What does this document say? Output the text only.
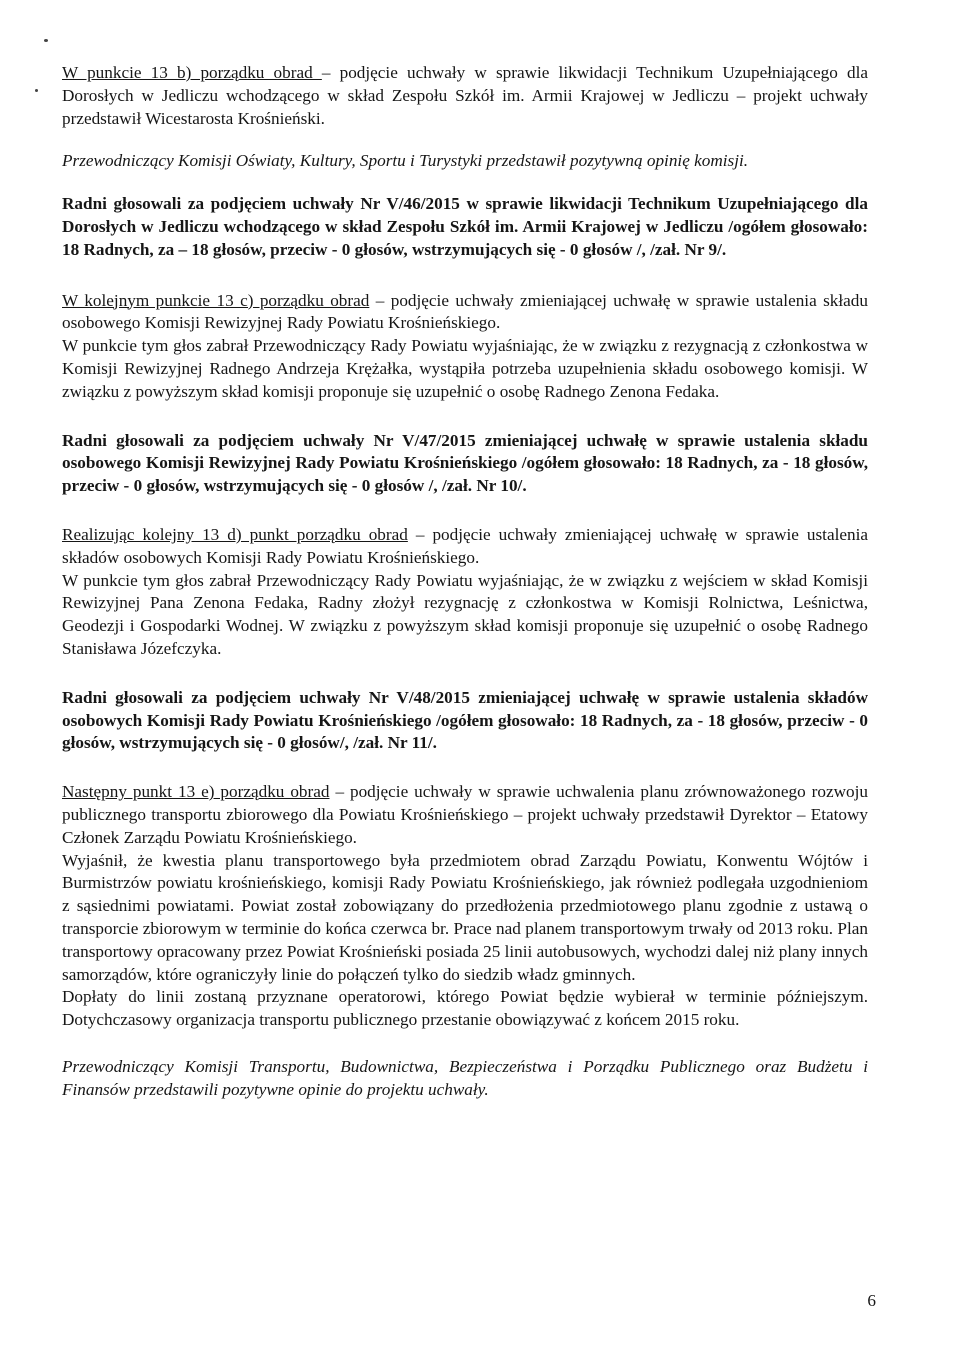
W punkcie 13 b) porządku obrad – podjęcie uchwały w sprawie likwidacji Technikum Uzupełniającego dla Dorosłych w Jedliczu wchodzącego w skład Zespołu Szkół im. Armii Krajowej w Jedliczu – projekt uchwały przedstawił Wicestarosta Krośnieński.

Przewodniczący Komisji Oświaty, Kultury, Sportu i Turystyki przedstawił pozytywną opinię komisji.

Radni głosowali za podjęciem uchwały Nr V/46/2015 w sprawie likwidacji Technikum Uzupełniającego dla Dorosłych w Jedliczu wchodzącego w skład Zespołu Szkół im. Armii Krajowej w Jedliczu /ogółem głosowało: 18 Radnych, za – 18 głosów, przeciw - 0 głosów, wstrzymujących się - 0 głosów /, /zał. Nr 9/.

W kolejnym punkcie 13 c) porządku obrad – podjęcie uchwały zmieniającej uchwałę w sprawie ustalenia składu osobowego Komisji Rewizyjnej Rady Powiatu Krośnieńskiego.

W punkcie tym głos zabrał Przewodniczący Rady Powiatu wyjaśniając, że w związku z rezygnacją z członkostwa w Komisji Rewizyjnej Radnego Andrzeja Krężałka, wystąpiła potrzeba uzupełnienia składu osobowego komisji. W związku z powyższym skład komisji proponuje się uzupełnić o osobę Radnego Zenona Fedaka.

Radni głosowali za podjęciem uchwały Nr V/47/2015 zmieniającej uchwałę w sprawie ustalenia składu osobowego Komisji Rewizyjnej Rady Powiatu Krośnieńskiego /ogółem głosowało: 18 Radnych, za - 18 głosów, przeciw - 0 głosów, wstrzymujących się - 0 głosów /, /zał. Nr 10/.

Realizując kolejny 13 d) punkt porządku obrad – podjęcie uchwały zmieniającej uchwałę w sprawie ustalenia składów osobowych Komisji Rady Powiatu Krośnieńskiego.

W punkcie tym głos zabrał Przewodniczący Rady Powiatu wyjaśniając, że w związku z wejściem w skład Komisji Rewizyjnej Pana Zenona Fedaka, Radny złożył rezygnację z członkostwa w Komisji Rolnictwa, Leśnictwa, Geodezji i Gospodarki Wodnej. W związku z powyższym skład komisji proponuje się uzupełnić o osobę Radnego Stanisława Józefczyka.

Radni głosowali za podjęciem uchwały Nr V/48/2015 zmieniającej uchwałę w sprawie ustalenia składów osobowych Komisji Rady Powiatu Krośnieńskiego /ogółem głosowało: 18 Radnych, za - 18 głosów, przeciw - 0 głosów, wstrzymujących się - 0 głosów/, /zał. Nr 11/.

Następny punkt 13 e) porządku obrad – podjęcie uchwały w sprawie uchwalenia planu zrównoważonego rozwoju publicznego transportu zbiorowego dla Powiatu Krośnieńskiego – projekt uchwały przedstawił Dyrektor – Etatowy Członek Zarządu Powiatu Krośnieńskiego.

Wyjaśnił, że kwestia planu transportowego była przedmiotem obrad Zarządu Powiatu, Konwentu Wójtów i Burmistrzów powiatu krośnieńskiego, komisji Rady Powiatu Krośnieńskiego, jak również podlegała uzgodnieniom z sąsiednimi powiatami. Powiat został zobowiązany do przedłożenia przedmiotowego planu zgodnie z ustawą o transporcie zbiorowym w terminie do końca czerwca br. Prace nad planem transportowym trwały od 2013 roku. Plan transportowy opracowany przez Powiat Krośnieński posiada 25 linii autobusowych, wychodzi dalej niż plany innych samorządów, które ograniczyły linie do połączeń tylko do siedzib władz gminnych.

Dopłaty do linii zostaną przyznane operatorowi, którego Powiat będzie wybierał w terminie późniejszym. Dotychczasowy organizacja transportu publicznego przestanie obowiązywać z końcem 2015 roku.

Przewodniczący Komisji Transportu, Budownictwa, Bezpieczeństwa i Porządku Publicznego oraz Budżetu i Finansów przedstawili pozytywne opinie do projektu uchwały.

6
